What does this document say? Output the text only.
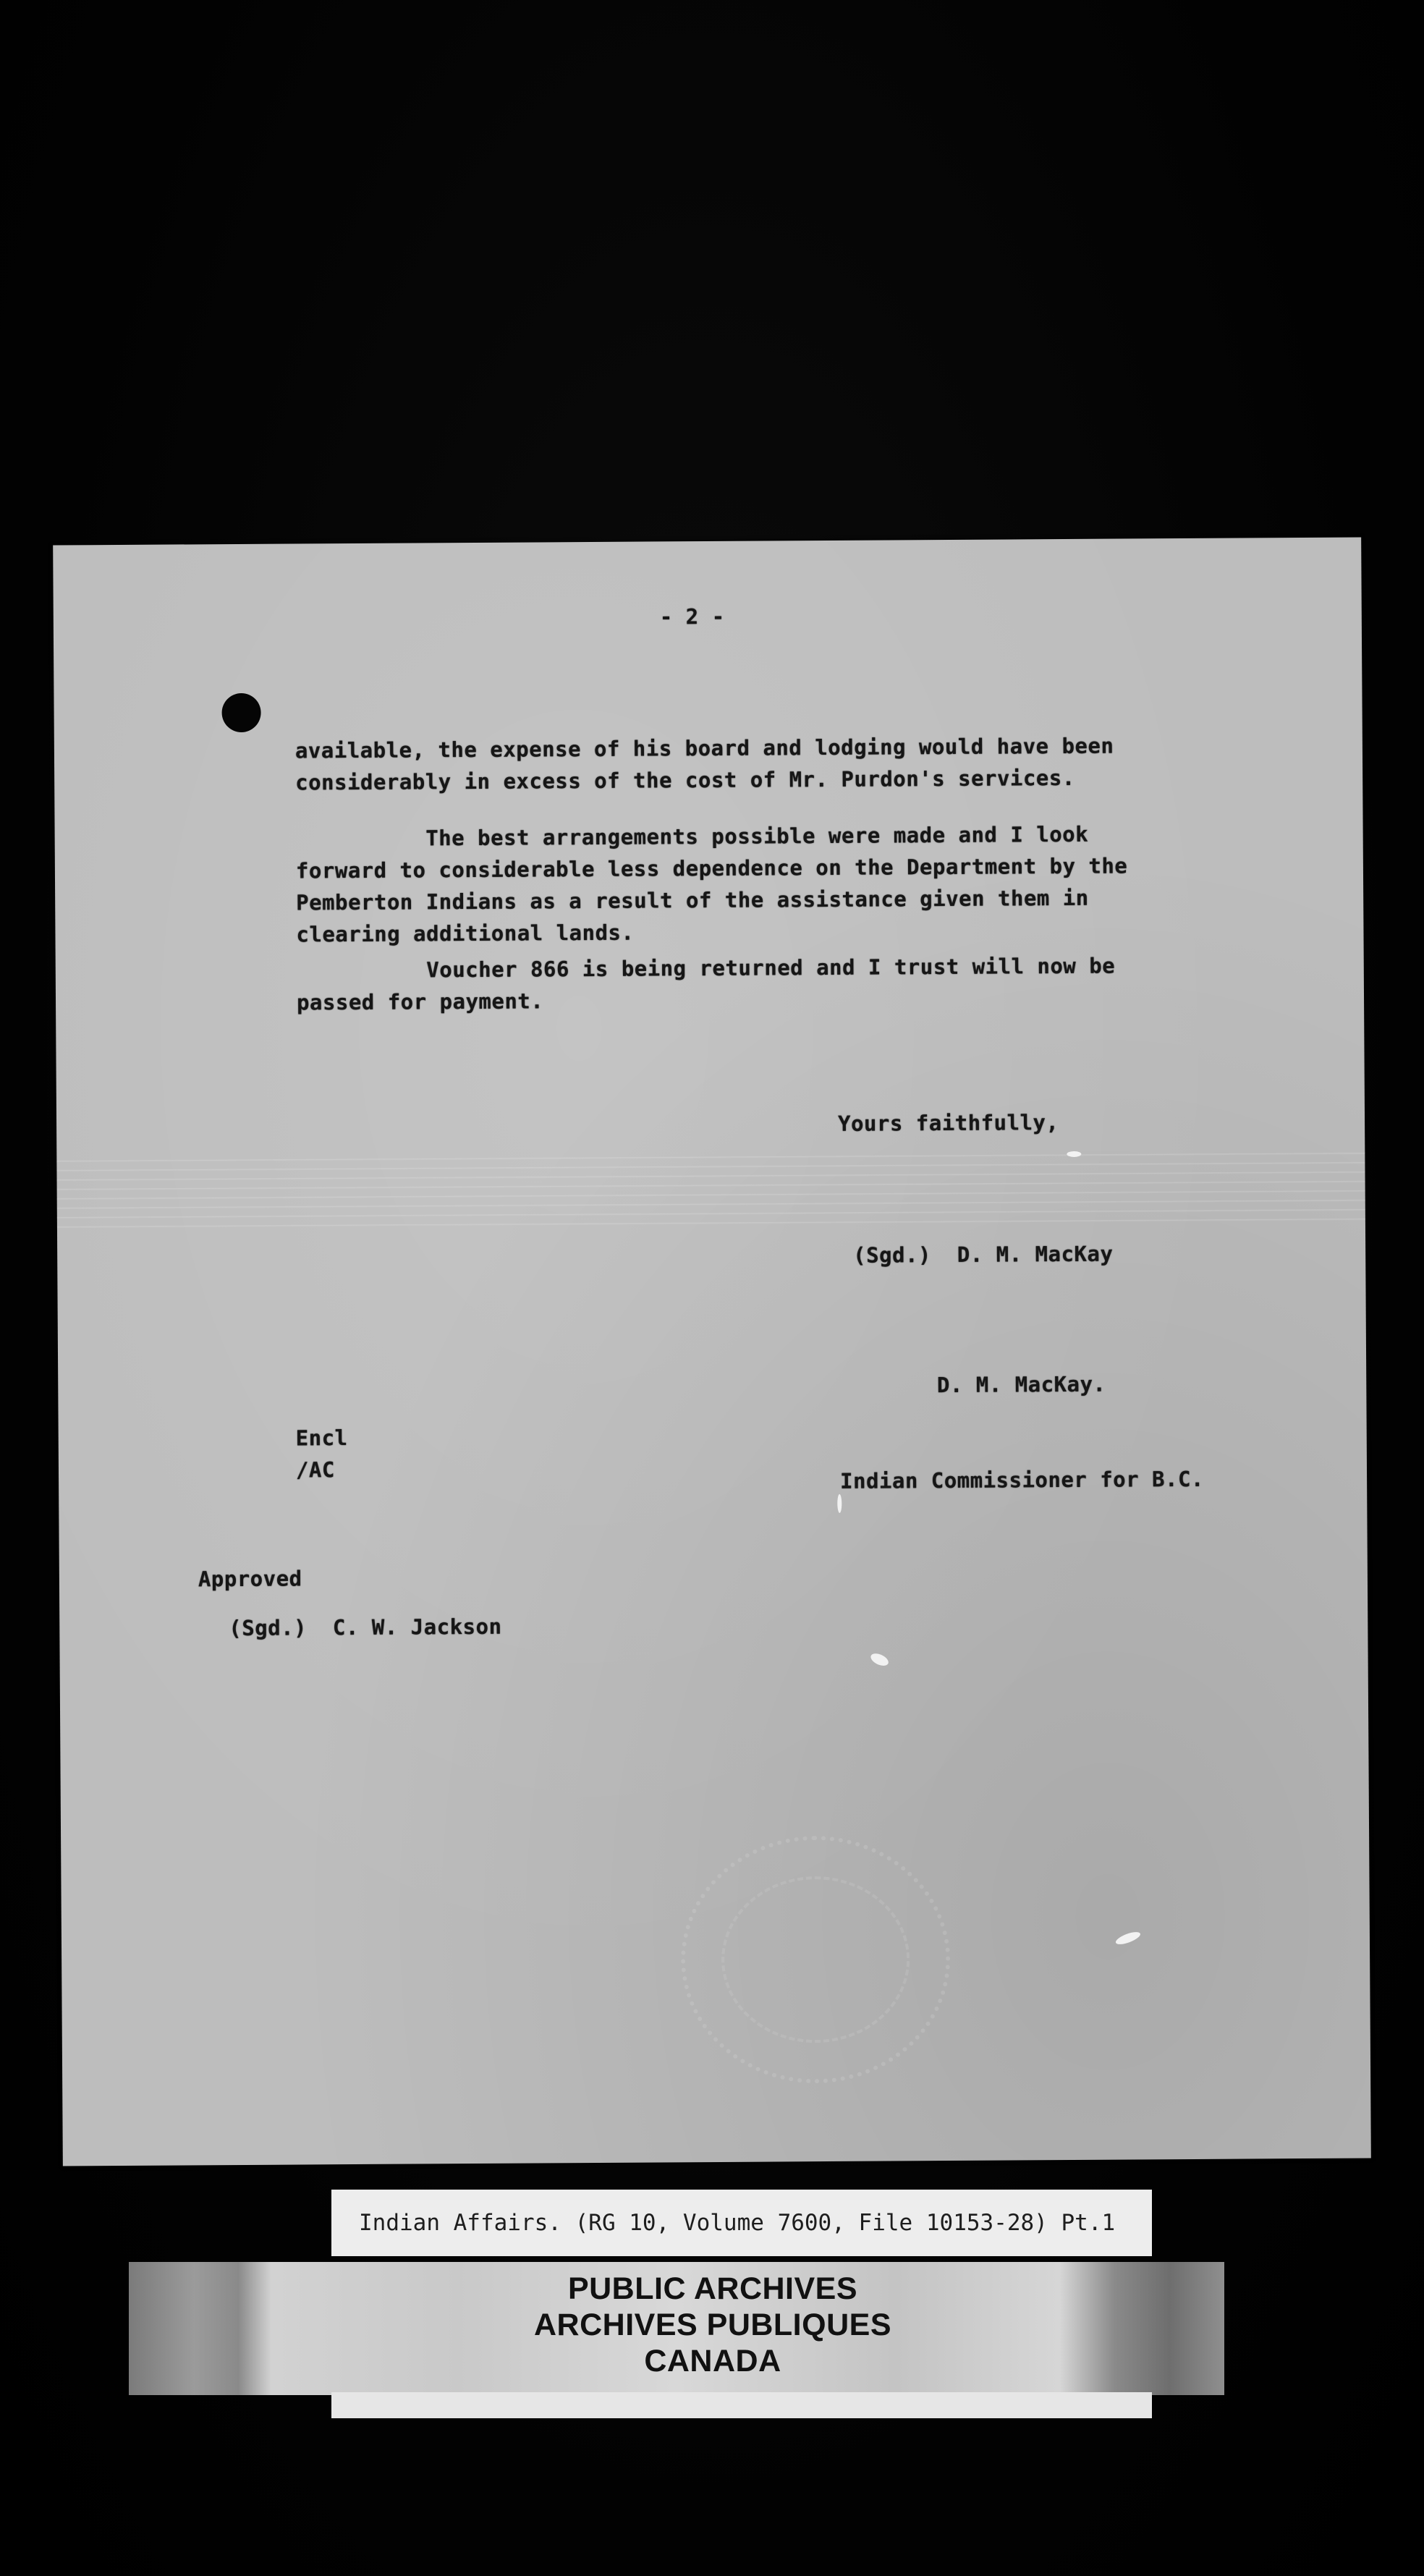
- 2 -
available, the expense of his board and lodging would have been
considerably in excess of the cost of Mr. Purdon's services.
The best arrangements possible were made and I look
forward to considerable less dependence on the Department by the
Pemberton Indians as a result of the assistance given them in
clearing additional lands.
Voucher 866 is being returned and I trust will now be
passed for payment.
Yours faithfully,
(Sgd.)  D. M. MacKay

D. M. MacKay.

Indian Commissioner for B.C.

Encl
/AC
Approved
(Sgd.)  C. W. Jackson
Indian Affairs. (RG 10, Volume 7600, File 10153-28) Pt.1
PUBLIC ARCHIVES
ARCHIVES PUBLIQUES
CANADA
